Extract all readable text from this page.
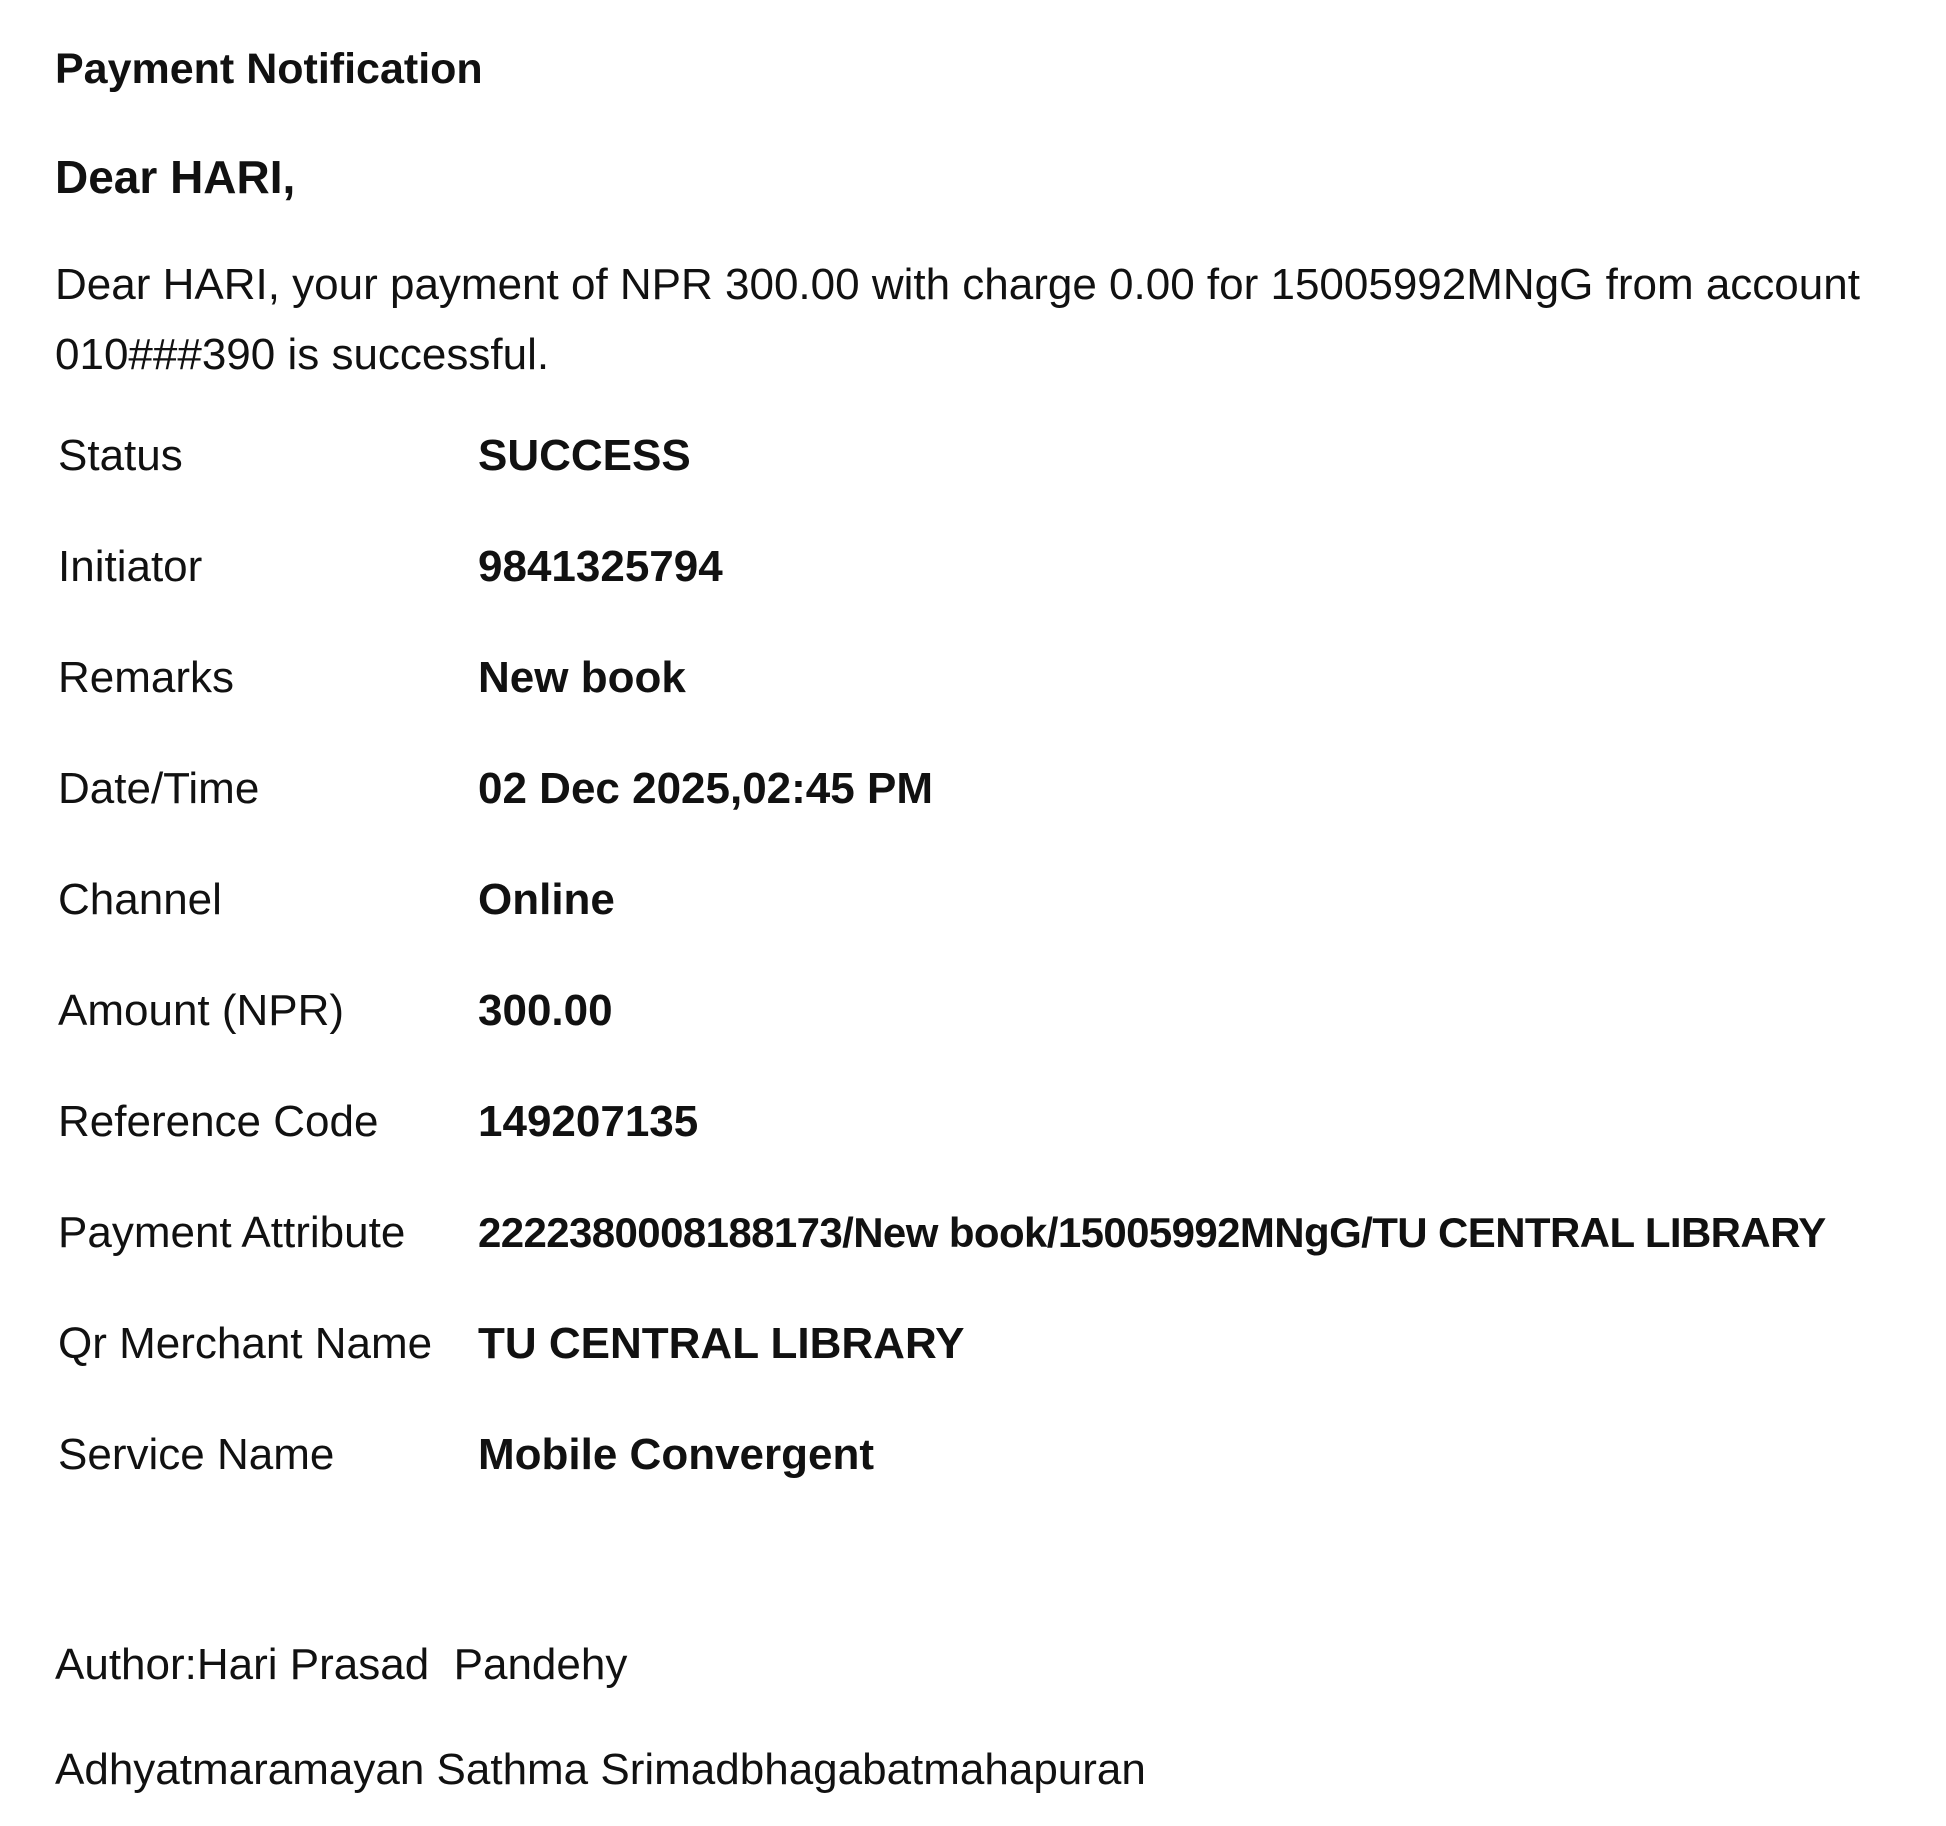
Payment Notification
Dear HARI,
Dear HARI, your payment of NPR 300.00 with charge 0.00 for 15005992MNgG from account
010###390 is successful.
Status	SUCCESS
Initiator	9841325794
Remarks	New book
Date/Time	02 Dec 2025,02:45 PM
Channel	Online
Amount (NPR)	300.00
Reference Code	149207135
Payment Attribute	2222380008188173/New book/15005992MNgG/TU CENTRAL LIBRARY
Qr Merchant Name	TU CENTRAL LIBRARY
Service Name	Mobile Convergent
Author:Hari Prasad  Pandehy
Adhyatmaramayan Sathma Srimadbhagabatmahapuran
